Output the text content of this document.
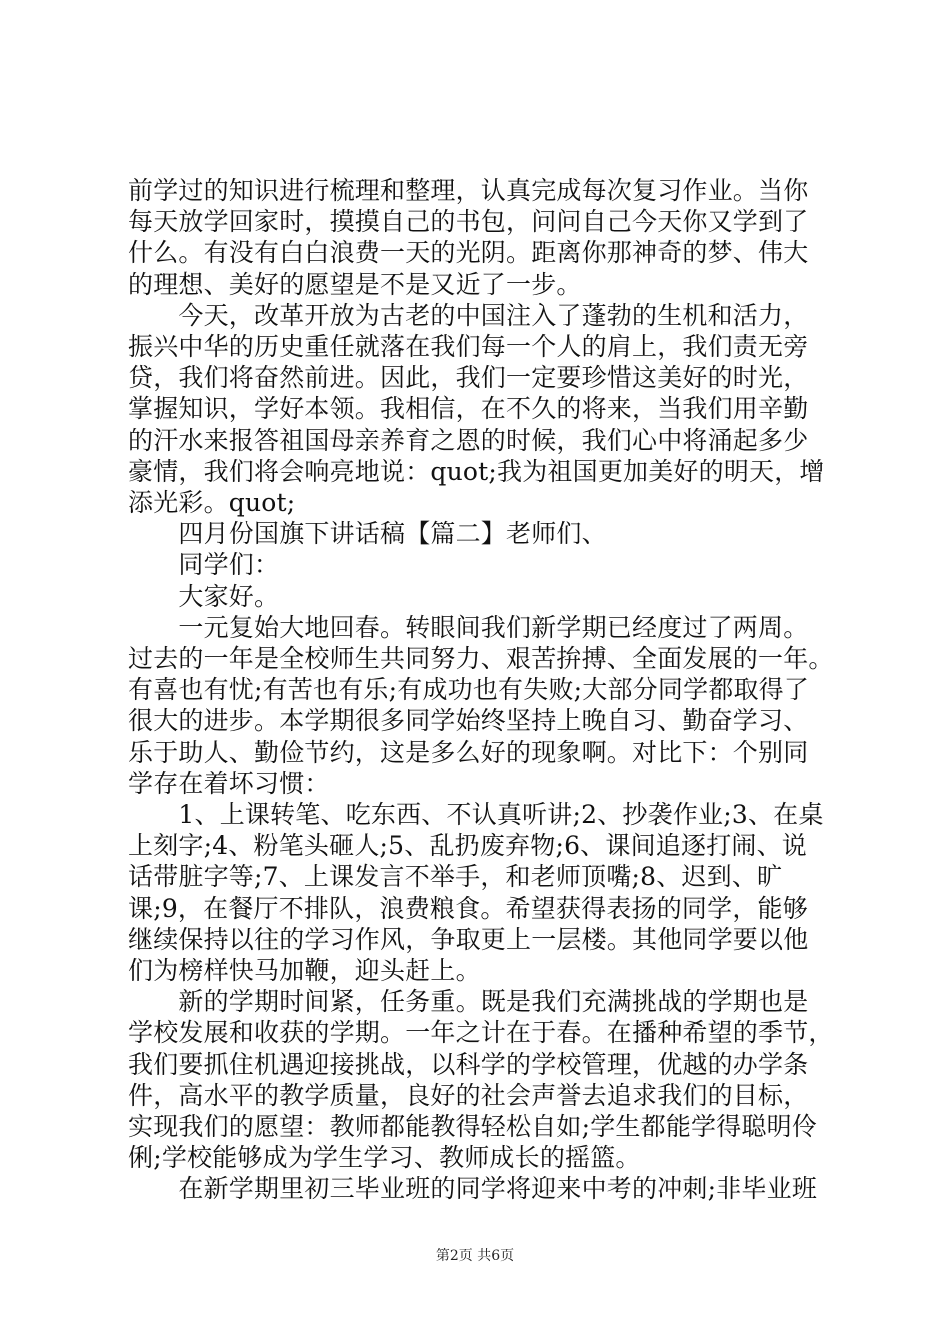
前学过的知识进行梳理和整理，认真完成每次复习作业。当你
每天放学回家时，摸摸自己的书包，问问自己今天你又学到了
什么。有没有白白浪费一天的光阴。距离你那神奇的梦、伟大
的理想、美好的愿望是不是又近了一步。
　　今天，改革开放为古老的中国注入了蓬勃的生机和活力，
振兴中华的历史重任就落在我们每一个人的肩上，我们责无旁
贷，我们将奋然前进。因此，我们一定要珍惜这美好的时光，
掌握知识，学好本领。我相信，在不久的将来，当我们用辛勤
的汗水来报答祖国母亲养育之恩的时候，我们心中将涌起多少
豪情，我们将会响亮地说：quot;我为祖国更加美好的明天，增
添光彩。quot;
　　四月份国旗下讲话稿【篇二】老师们、
　　同学们：
　　大家好。
　　一元复始大地回春。转眼间我们新学期已经度过了两周。
过去的一年是全校师生共同努力、艰苦拚搏、全面发展的一年。
有喜也有忧;有苦也有乐;有成功也有失败;大部分同学都取得了
很大的进步。本学期很多同学始终坚持上晚自习、勤奋学习、
乐于助人、勤俭节约，这是多么好的现象啊。对比下：个别同
学存在着坏习惯：
　　1、上课转笔、吃东西、不认真听讲;2、抄袭作业;3、在桌
上刻字;4、粉笔头砸人;5、乱扔废弃物;6、课间追逐打闹、说
话带脏字等;7、上课发言不举手，和老师顶嘴;8、迟到、旷
课;9，在餐厅不排队，浪费粮食。希望获得表扬的同学，能够
继续保持以往的学习作风，争取更上一层楼。其他同学要以他
们为榜样快马加鞭，迎头赶上。
　　新的学期时间紧，任务重。既是我们充满挑战的学期也是
学校发展和收获的学期。一年之计在于春。在播种希望的季节，
我们要抓住机遇迎接挑战，以科学的学校管理，优越的办学条
件，高水平的教学质量，良好的社会声誉去追求我们的目标，
实现我们的愿望：教师都能教得轻松自如;学生都能学得聪明伶
俐;学校能够成为学生学习、教师成长的摇篮。
　　在新学期里初三毕业班的同学将迎来中考的冲刺;非毕业班
第2页 共6页
